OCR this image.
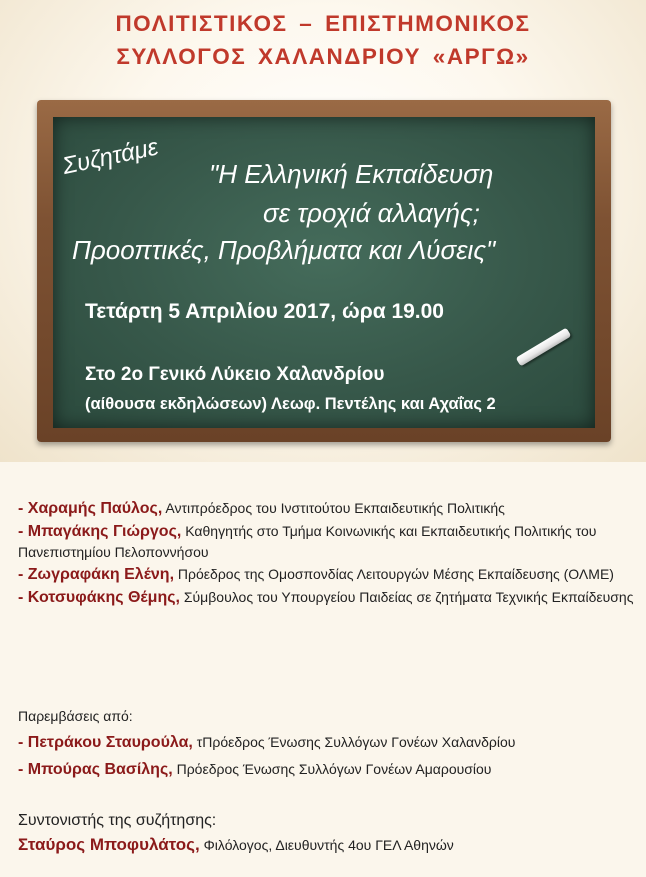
ΠΟΛΙΤΙΣΤΙΚΟΣ – ΕΠΙΣΤΗΜΟΝΙΚΟΣ
ΣΥΛΛΟΓΟΣ ΧΑΛΑΝΔΡΙΟΥ «ΑΡΓΩ»
Συζητάμε "Η Ελληνική Εκπαίδευση
σε τροχιά αλλαγής;
Προοπτικές, Προβλήματα και Λύσεις"
Τετάρτη 5 Απριλίου 2017, ώρα 19.00
Στο 2ο Γενικό Λύκειο Χαλανδρίου
(αίθουσα εκδηλώσεων) Λεωφ. Πεντέλης και Αχαΐας 2
- Χαραμής Παύλος, Αντιπρόεδρος του Ινστιτούτου Εκπαιδευτικής Πολιτικής
- Μπαγάκης Γιώργος, Καθηγητής στο Τμήμα Κοινωνικής και Εκπαιδευτικής Πολιτικής του Πανεπιστημίου Πελοποννήσου
- Ζωγραφάκη Ελένη, Πρόεδρος της Ομοσπονδίας Λειτουργών Μέσης Εκπαίδευσης (ΟΛΜΕ)
- Κοτσυφάκης Θέμης, Σύμβουλος του Υπουργείου Παιδείας σε ζητήματα Τεχνικής Εκπαίδευσης
Παρεμβάσεις από:
- Πετράκου Σταυρούλα, τΠρόεδρος Ένωσης Συλλόγων Γονέων Χαλανδρίου
- Μπούρας Βασίλης, Πρόεδρος Ένωσης Συλλόγων Γονέων Αμαρουσίου
Συντονιστής της συζήτησης:
Σταύρος Μποφυλάτος, Φιλόλογος, Διευθυντής 4ου ΓΕΛ Αθηνών
